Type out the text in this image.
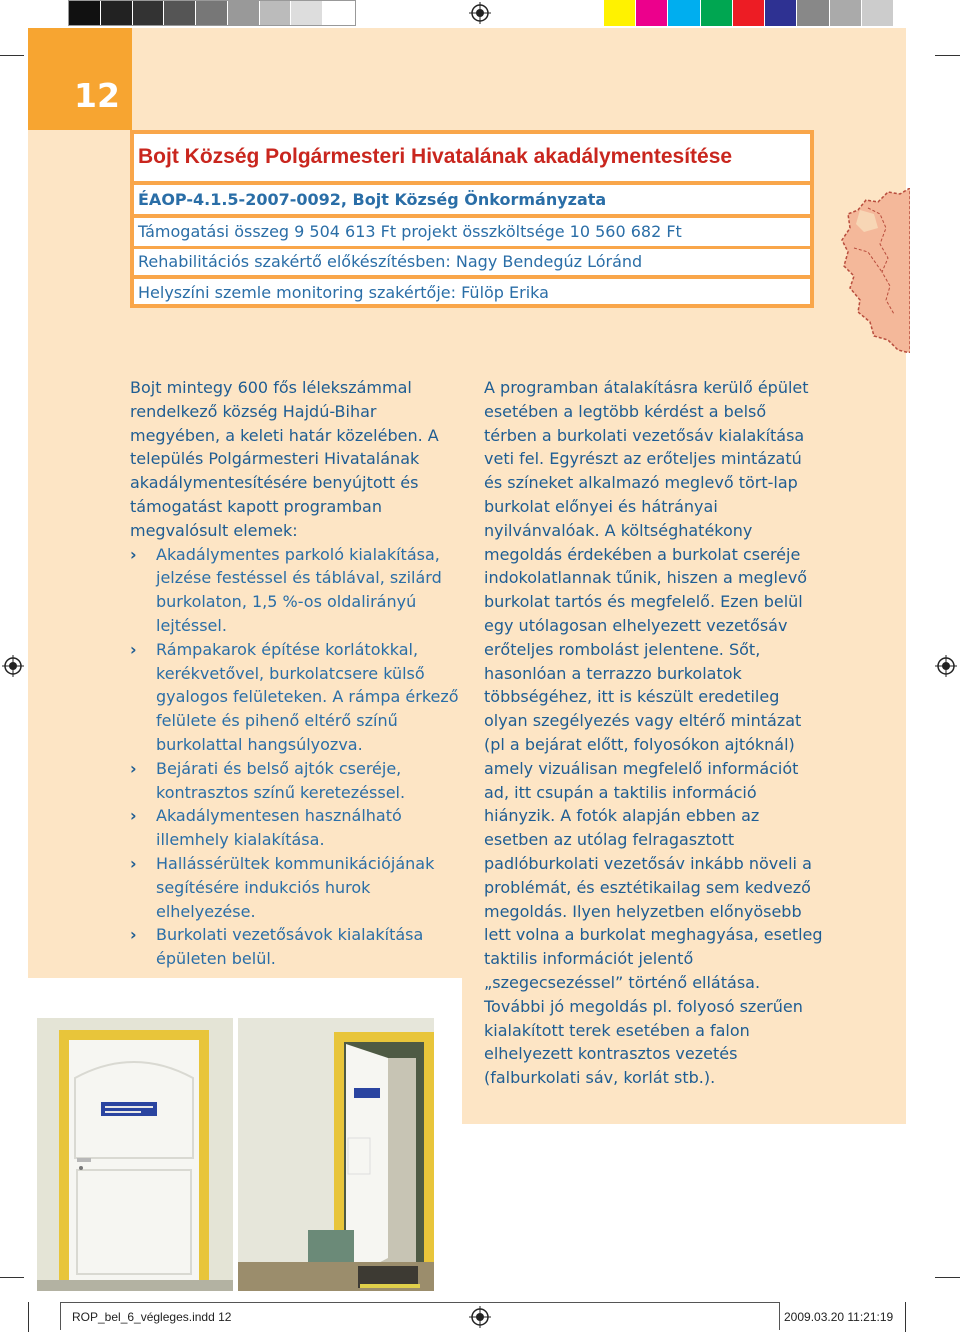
12
Bojt Község Polgármesteri Hivatalának akadálymentesítése
ÉAOP-4.1.5-2007-0092, Bojt Község Önkormányzata
Támogatási összeg 9 504 613 Ft projekt összköltsége 10 560 682 Ft
Rehabilitációs szakértő előkészítésben: Nagy Bendegúz Lóránd
Helyszíni szemle monitoring szakértője: Fülöp Erika

Bojt mintegy 600 fős lélekszámmal rendelkező község Hajdú-Bihar megyében, a keleti határ közelében. A település Polgármesteri Hivatalának akadálymentesítésére benyújtott és támogatást kapott programban megvalósult elemek:

› Akadálymentes parkoló kialakítása, jelzése festéssel és táblával, szilárd burkolaton, 1,5 %-os oldalirányú lejtéssel.
› Rámpakarok építése korlátokkal, kerékvetővel, burkolatcsere külső gyalogos felületeken. A rámpa érkező felülete és pihenő eltérő színű burkolattal hangsúlyozva.
› Bejárati és belső ajtók cseréje, kontrasztos színű keretezéssel.
› Akadálymentesen használható illemhely kialakítása.
› Hallássérültek kommunikációjának segítésére indukciós hurok elhelyezése.
› Burkolati vezetősávok kialakítása épületen belül.

A programban átalakításra kerülő épület esetében a legtöbb kérdést a belső térben a burkolati vezetősáv kialakítása veti fel. Egyrészt az erőteljes mintázatú és színeket alkalmazó meglevő tört-lap burkolat előnyei és hátrányai nyilvánvalóak. A költséghatékony megoldás érdekében a burkolat cseréje indokolatlannak tűnik, hiszen a meglevő burkolat tartós és megfelelő. Ezen belül egy utólagosan elhelyezett vezetősáv erőteljes rombolást jelentene. Sőt, hasonlóan a terrazzo burkolatok többségéhez, itt is készült eredetileg olyan szegélyezés vagy eltérő mintázat (pl a bejárat előtt, folyosókon ajtóknál) amely vizuálisan megfelelő információt ad, itt csupán a taktilis információ hiányzik. A fotók alapján ebben az esetben az utólag felragasztott padlóburkolati vezetősáv inkább növeli a problémát, és esztétikailag sem kedvező megoldás. Ilyen helyzetben előnyösebb lett volna a burkolat meghagyása, esetleg taktilis információt jelentő „szegecsezéssel” történő ellátása. További jó megoldás pl. folyosó szerűen kialakított terek esetében a falon elhelyezett kontrasztos vezetés (falburkolati sáv, korlát stb.).

ROP_bel_6_végleges.indd 12	2009.03.20 11:21:19
